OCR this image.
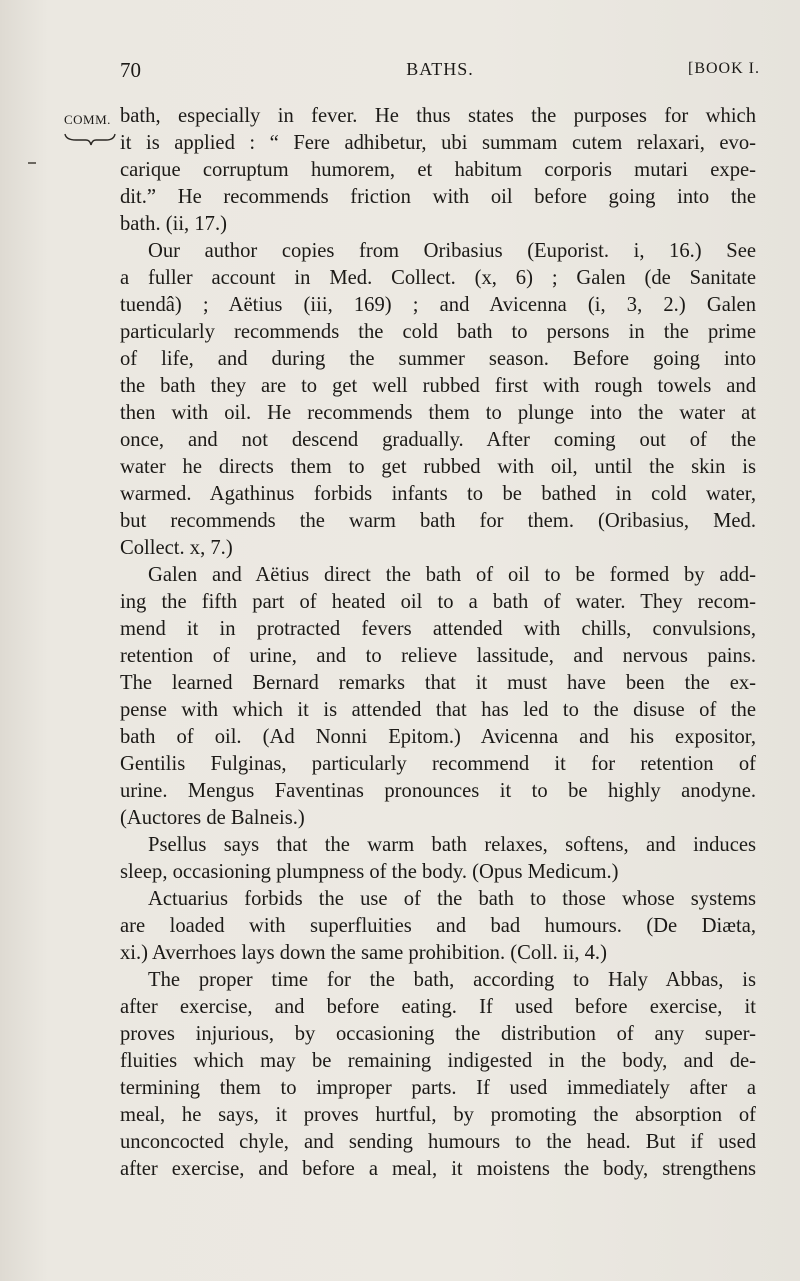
70	BATHS.	[BOOK I.
COMM. bath, especially in fever. He thus states the purposes for which
it is applied : “ Fere adhibetur, ubi summam cutem relaxari, evo-
carique corruptum humorem, et habitum corporis mutari expe-
dit.” He recommends friction with oil before going into the
bath. (ii, 17.)
Our author copies from Oribasius (Euporist. i, 16.) See
a fuller account in Med. Collect. (x, 6) ; Galen (de Sanitate
tuendâ) ; Aëtius (iii, 169) ; and Avicenna (i, 3, 2.) Galen
particularly recommends the cold bath to persons in the prime
of life, and during the summer season. Before going into
the bath they are to get well rubbed first with rough towels and
then with oil. He recommends them to plunge into the water at
once, and not descend gradually. After coming out of the
water he directs them to get rubbed with oil, until the skin is
warmed. Agathinus forbids infants to be bathed in cold water,
but recommends the warm bath for them. (Oribasius, Med.
Collect. x, 7.)
Galen and Aëtius direct the bath of oil to be formed by add-
ing the fifth part of heated oil to a bath of water. They recom-
mend it in protracted fevers attended with chills, convulsions,
retention of urine, and to relieve lassitude, and nervous pains.
The learned Bernard remarks that it must have been the ex-
pense with which it is attended that has led to the disuse of the
bath of oil. (Ad Nonni Epitom.) Avicenna and his expositor,
Gentilis Fulginas, particularly recommend it for retention of
urine. Mengus Faventinas pronounces it to be highly anodyne.
(Auctores de Balneis.)
Psellus says that the warm bath relaxes, softens, and induces
sleep, occasioning plumpness of the body. (Opus Medicum.)
Actuarius forbids the use of the bath to those whose systems
are loaded with superfluities and bad humours. (De Diæta,
xi.) Averrhoes lays down the same prohibition. (Coll. ii, 4.)
The proper time for the bath, according to Haly Abbas, is
after exercise, and before eating. If used before exercise, it
proves injurious, by occasioning the distribution of any super-
fluities which may be remaining indigested in the body, and de-
termining them to improper parts. If used immediately after a
meal, he says, it proves hurtful, by promoting the absorption of
unconcocted chyle, and sending humours to the head. But if used
after exercise, and before a meal, it moistens the body, strengthens
